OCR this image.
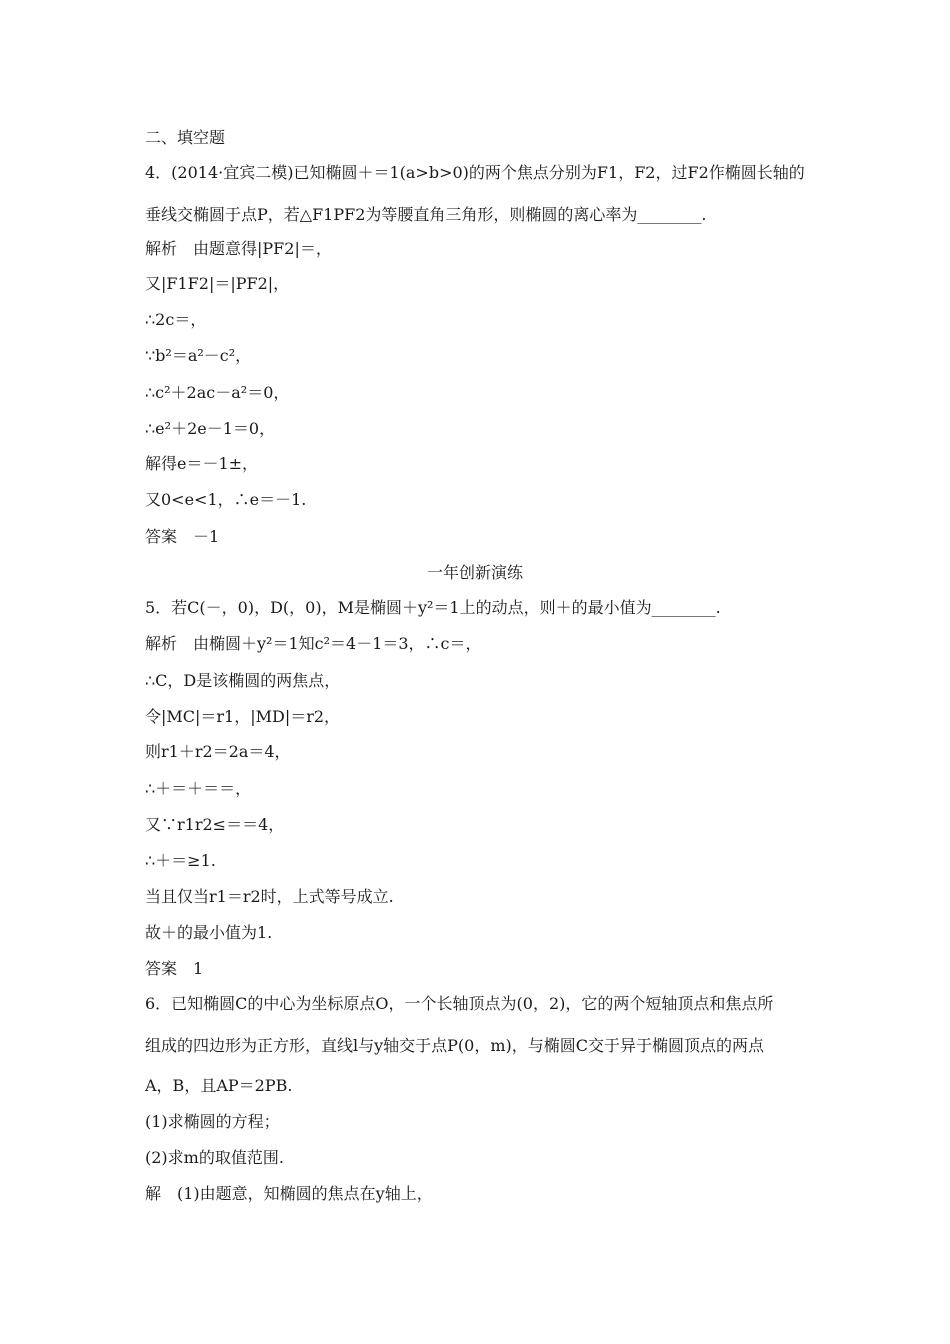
二、填空题
4．(2014·宜宾二模)已知椭圆＋＝1(a>b>0)的两个焦点分别为F1，F2，过F2作椭圆长轴的
垂线交椭圆于点P，若△F1PF2为等腰直角三角形，则椭圆的离心率为________.
解析　由题意得|PF2|＝，
又|F1F2|＝|PF2|，
∴2c＝，
∵b²＝a²－c²，
∴c²＋2ac－a²＝0，
∴e²＋2e－1＝0，
解得e＝－1±，
又0<e<1，∴e＝－1.
答案　－1
一年创新演练
5．若C(－，0)，D(，0)，M是椭圆＋y²＝1上的动点，则＋的最小值为________.
解析　由椭圆＋y²＝1知c²＝4－1＝3，∴c＝，
∴C，D是该椭圆的两焦点，
令|MC|＝r1，|MD|＝r2，
则r1＋r2＝2a＝4，
∴＋＝＋＝＝，
又∵r1r2≤＝＝4，
∴＋＝≥1.
当且仅当r1＝r2时，上式等号成立.
故＋的最小值为1.
答案　1
6．已知椭圆C的中心为坐标原点O，一个长轴顶点为(0，2)，它的两个短轴顶点和焦点所
组成的四边形为正方形，直线l与y轴交于点P(0，m)，与椭圆C交于异于椭圆顶点的两点
A，B，且AP＝2PB.
(1)求椭圆的方程；
(2)求m的取值范围.
解　(1)由题意，知椭圆的焦点在y轴上，
